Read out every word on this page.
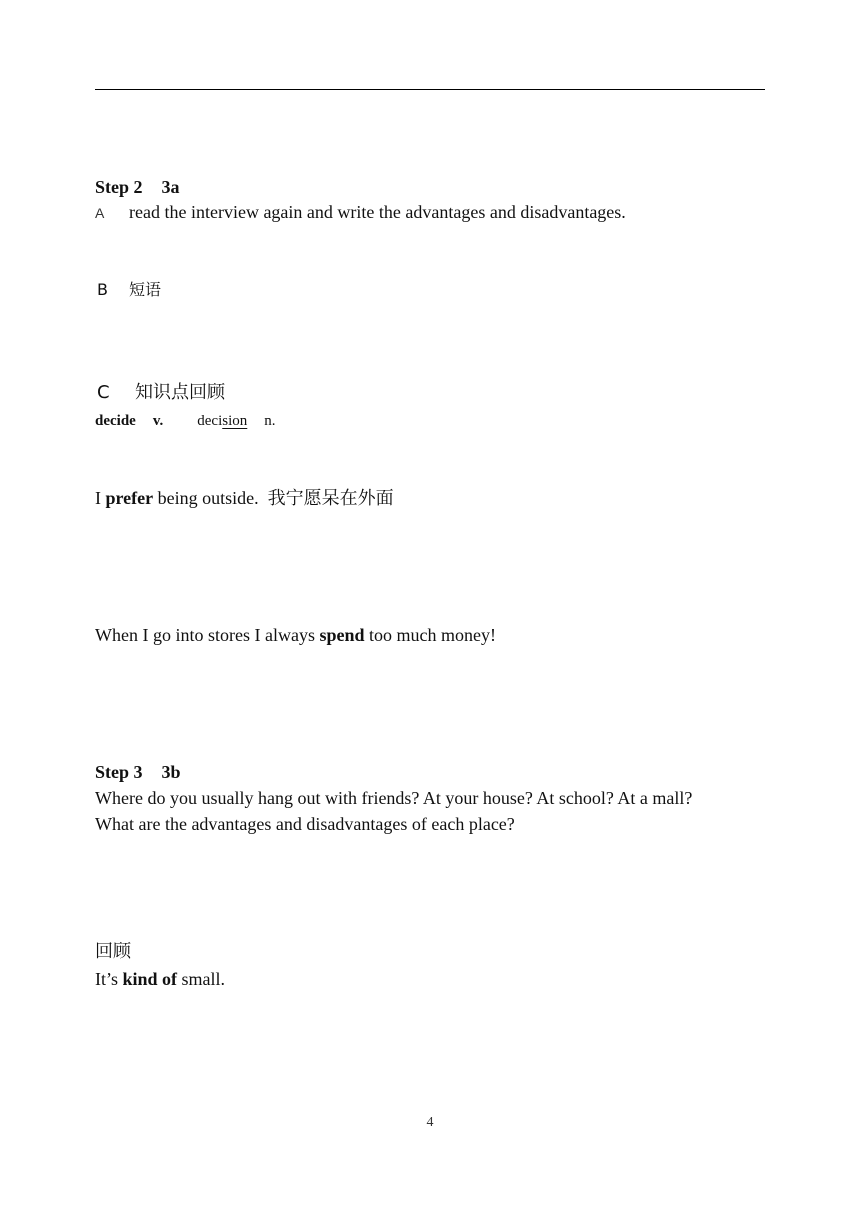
Step 2 3a
A read the interview again and write the advantages and disadvantages.
B 短语
C 知识点回顾
decide v. decision n.
I prefer being outside. 我宁愿呆在外面
When I go into stores I always spend too much money!
Step 3 3b
Where do you usually hang out with friends? At your house? At school? At a mall?
What are the advantages and disadvantages of each place?
回顾
It’s kind of small.
4
